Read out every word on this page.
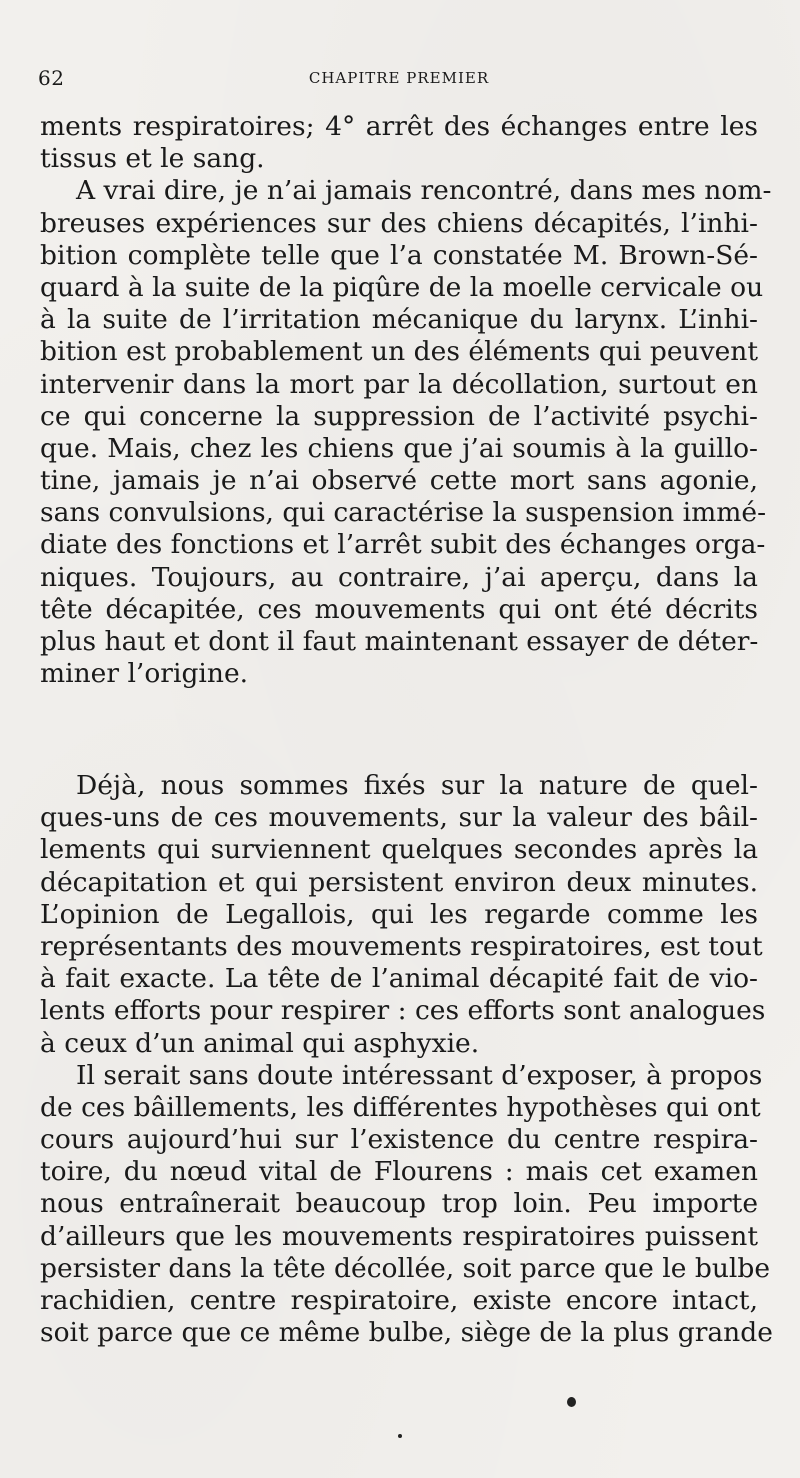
62	CHAPITRE PREMIER
ments respiratoires; 4° arrêt des échanges entre les
tissus et le sang.
A vrai dire, je n’ai jamais rencontré, dans mes nom-
breuses expériences sur des chiens décapités, l’inhi-
bition complète telle que l’a constatée M. Brown-Sé-
quard à la suite de la piqûre de la moelle cervicale ou
à la suite de l’irritation mécanique du larynx. L’inhi-
bition est probablement un des éléments qui peuvent
intervenir dans la mort par la décollation, surtout en
ce qui concerne la suppression de l’activité psychi-
que. Mais, chez les chiens que j’ai soumis à la guillo-
tine, jamais je n’ai observé cette mort sans agonie,
sans convulsions, qui caractérise la suspension immé-
diate des fonctions et l’arrêt subit des échanges orga-
niques. Toujours, au contraire, j’ai aperçu, dans la
tête décapitée, ces mouvements qui ont été décrits
plus haut et dont il faut maintenant essayer de déter-
miner l’origine.
Déjà, nous sommes fixés sur la nature de quel-
ques-uns de ces mouvements, sur la valeur des bâil-
lements qui surviennent quelques secondes après la
décapitation et qui persistent environ deux minutes.
L’opinion de Legallois, qui les regarde comme les
représentants des mouvements respiratoires, est tout
à fait exacte. La tête de l’animal décapité fait de vio-
lents efforts pour respirer : ces efforts sont analogues
à ceux d’un animal qui asphyxie.
Il serait sans doute intéressant d’exposer, à propos
de ces bâillements, les différentes hypothèses qui ont
cours aujourd’hui sur l’existence du centre respira-
toire, du nœud vital de Flourens : mais cet examen
nous entraînerait beaucoup trop loin. Peu importe
d’ailleurs que les mouvements respiratoires puissent
persister dans la tête décollée, soit parce que le bulbe
rachidien, centre respiratoire, existe encore intact,
soit parce que ce même bulbe, siège de la plus grande
